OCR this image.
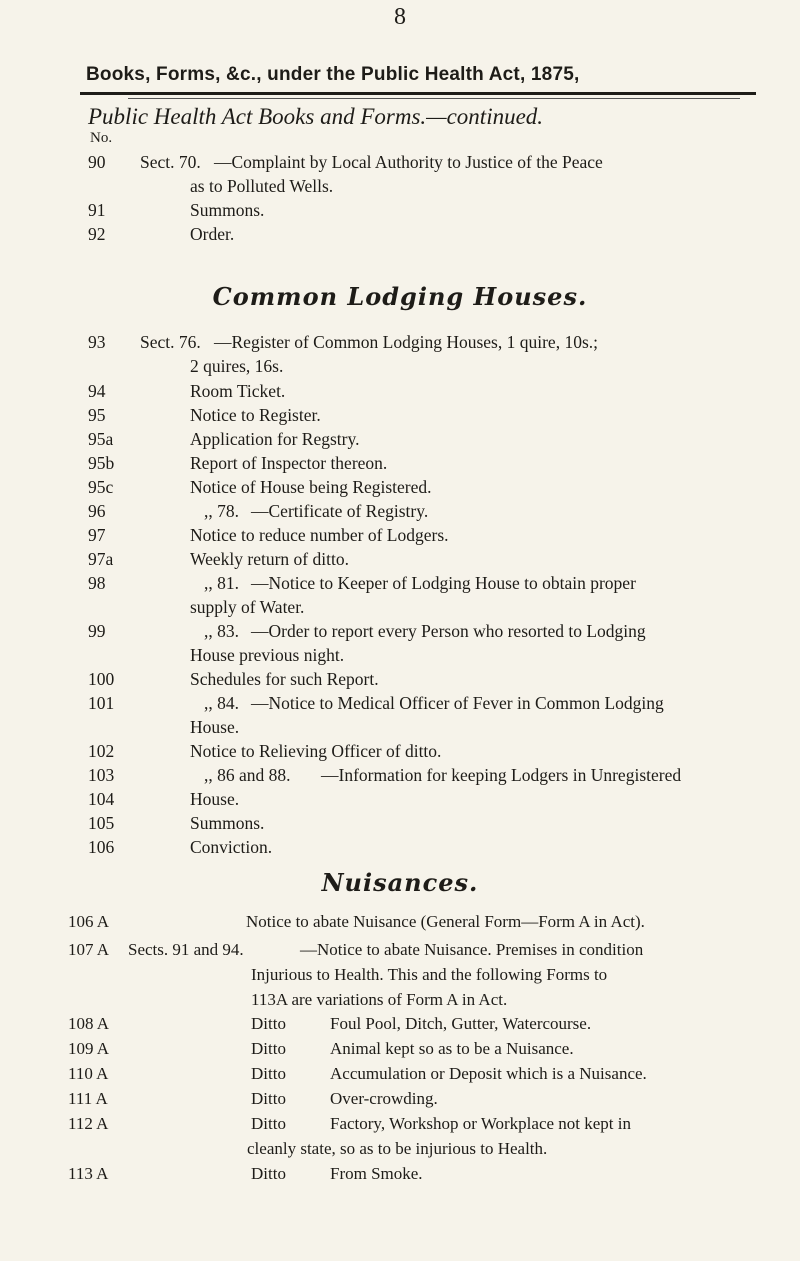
8
Books, Forms, &c., under the Public Health Act, 1875,
Public Health Act Books and Forms.—continued.
No.
90 Sect. 70. —Complaint by Local Authority to Justice of the Peace
as to Polluted Wells.
91	Summons.
92	Order.
Common Lodging Houses.
93 Sect. 76. —Register of Common Lodging Houses, 1 quire, 10s.;
2 quires, 16s.
94	Room Ticket.
95	Notice to Register.
95a	Application for Regstry.
95b	Report of Inspector thereon.
95c	Notice of House being Registered.
96	,, 78. —Certificate of Registry.
97	Notice to reduce number of Lodgers.
97a	Weekly return of ditto.
98	,, 81. —Notice to Keeper of Lodging House to obtain proper
supply of Water.
99	,, 83. —Order to report every Person who resorted to Lodging
House previous night.
100	Schedules for such Report.
101	,, 84. —Notice to Medical Officer of Fever in Common Lodging
House.
102	Notice to Relieving Officer of ditto.
103	,, 86 and 88. —Information for keeping Lodgers in Unregistered
104	House.
105	Summons.
106	Conviction.
Nuisances.
106 A	Notice to abate Nuisance (General Form—Form A in Act).
107 A Sects. 91 and 94.	—Notice to abate Nuisance. Premises in condition
Injurious to Health. This and the following Forms to
113A are variations of Form A in Act.
108 A	Ditto	Foul Pool, Ditch, Gutter, Watercourse.
109 A	Ditto	Animal kept so as to be a Nuisance.
110 A	Ditto	Accumulation or Deposit which is a Nuisance.
111 A	Ditto	Over-crowding.
112 A	Ditto	Factory, Workshop or Workplace not kept in
cleanly state, so as to be injurious to Health.
113 A	Ditto	From Smoke.
